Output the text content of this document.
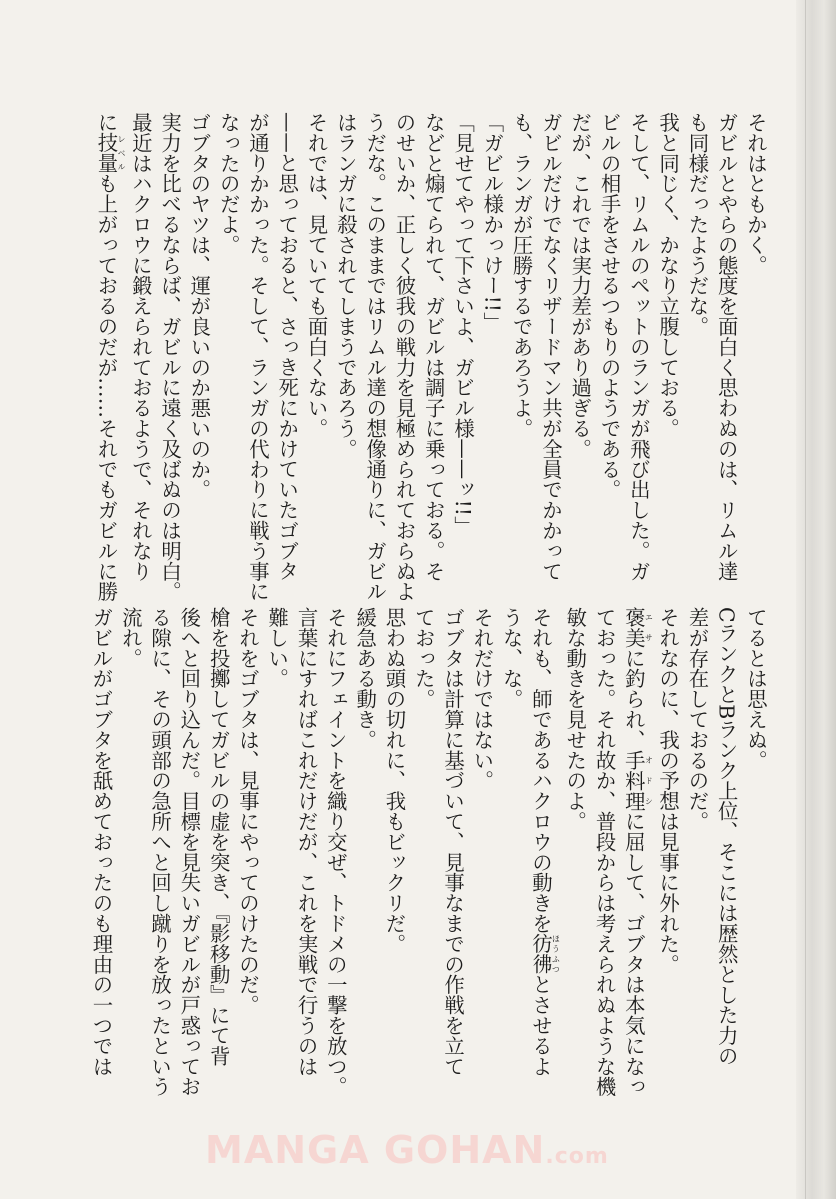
それはともかく。
ガビルとやらの態度を面白く思わぬのは、リムル達
も同様だったようだな。
我と同じく、かなり立腹しておる。
そして、リムルのペットのランガが飛び出した。ガ
ビルの相手をさせるつもりのようである。
だが、これでは実力差があり過ぎる。
ガビルだけでなくリザードマン共が全員でかかって
も、ランガが圧勝するであろうよ。
「ガビル様かっけー!!」
「見せてやって下さいよ、ガビル様——ッ!!」
などと煽てられて、ガビルは調子に乗っておる。そ
のせいか、正しく彼我の戦力を見極められておらぬよ
うだな。このままではリムル達の想像通りに、ガビル
はランガに殺されてしまうであろう。
それでは、見ていても面白くない。
——と思っておると、さっき死にかけていたゴブタ
が通りかかった。そして、ランガの代わりに戦う事に
なったのだよ。
ゴブタのヤツは、運が良いのか悪いのか。
実力を比べるならば、ガビルに遠く及ばぬのは明白。
最近はハクロウに鍛えられておるようで、それなり
に技量レベルも上がっておるのだが……それでもガビルに勝
てるとは思えぬ。
CランクとBランク上位、そこには歴然とした力の
差が存在しておるのだ。
それなのに、我の予想は見事に外れた。
褒美エサに釣られ、手料理オドシに屈して、ゴブタは本気になっ
ておった。それ故か、普段からは考えられぬような機
敏な動きを見せたのよ。
それも、師であるハクロウの動きを彷彿ほうふつとさせるよ
うな、な。
それだけではない。
ゴブタは計算に基づいて、見事なまでの作戦を立て
ておった。
思わぬ頭の切れに、我もビックリだ。
緩急ある動き。
それにフェイントを織り交ぜ、トドメの一撃を放つ。
言葉にすればこれだけだが、これを実戦で行うのは
難しい。
それをゴブタは、見事にやってのけたのだ。
槍を投擲してガビルの虚を突き、『影移動』にて背
後へと回り込んだ。目標を見失いガビルが戸惑ってお
る隙に、その頭部の急所へと回し蹴りを放ったという
流れ。
ガビルがゴブタを舐めておったのも理由の一つでは
MANGA GOHAN.com
